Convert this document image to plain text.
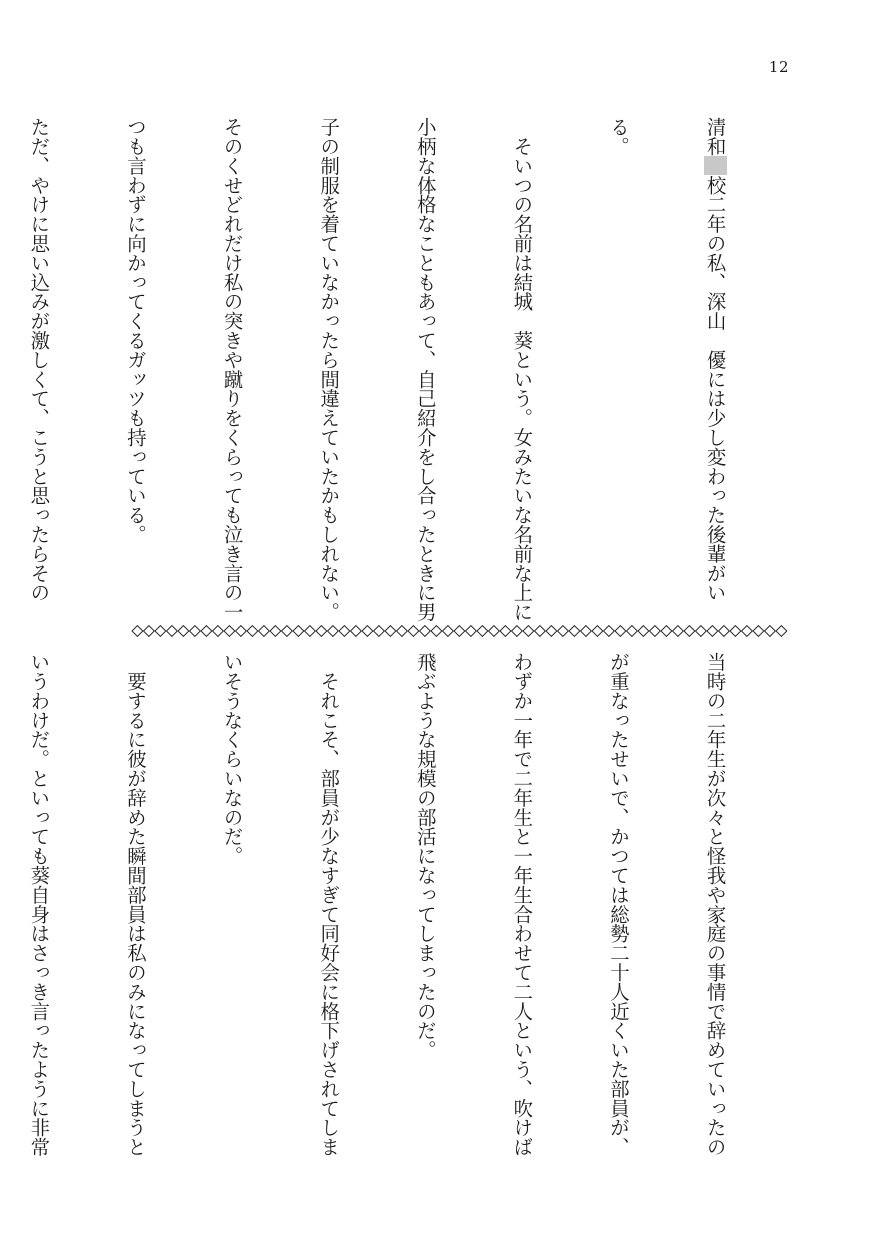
12

清和高校二年の私、深山　優には少し変わった後輩がい

る。

　そいつの名前は結城　葵という。女みたいな名前な上に

小柄な体格なこともあって、自己紹介をし合ったときに男

子の制服を着ていなかったら間違えていたかもしれない。

そのくせどれだけ私の突きや蹴りをくらっても泣き言の一

つも言わずに向かってくるガッツも持っている。

ただ、やけに思い込みが激しくて、こうと思ったらその

当時の二年生が次々と怪我や家庭の事情で辞めていったの

が重なったせいで、かつては総勢二十人近くいた部員が、

わずか一年で二年生と一年生合わせて二人という、吹けば

飛ぶような規模の部活になってしまったのだ。

　それこそ、部員が少なすぎて同好会に格下げされてしま

いそうなくらいなのだ。

　要するに彼が辞めた瞬間部員は私のみになってしまうと

いうわけだ。といっても葵自身はさっき言ったように非常
